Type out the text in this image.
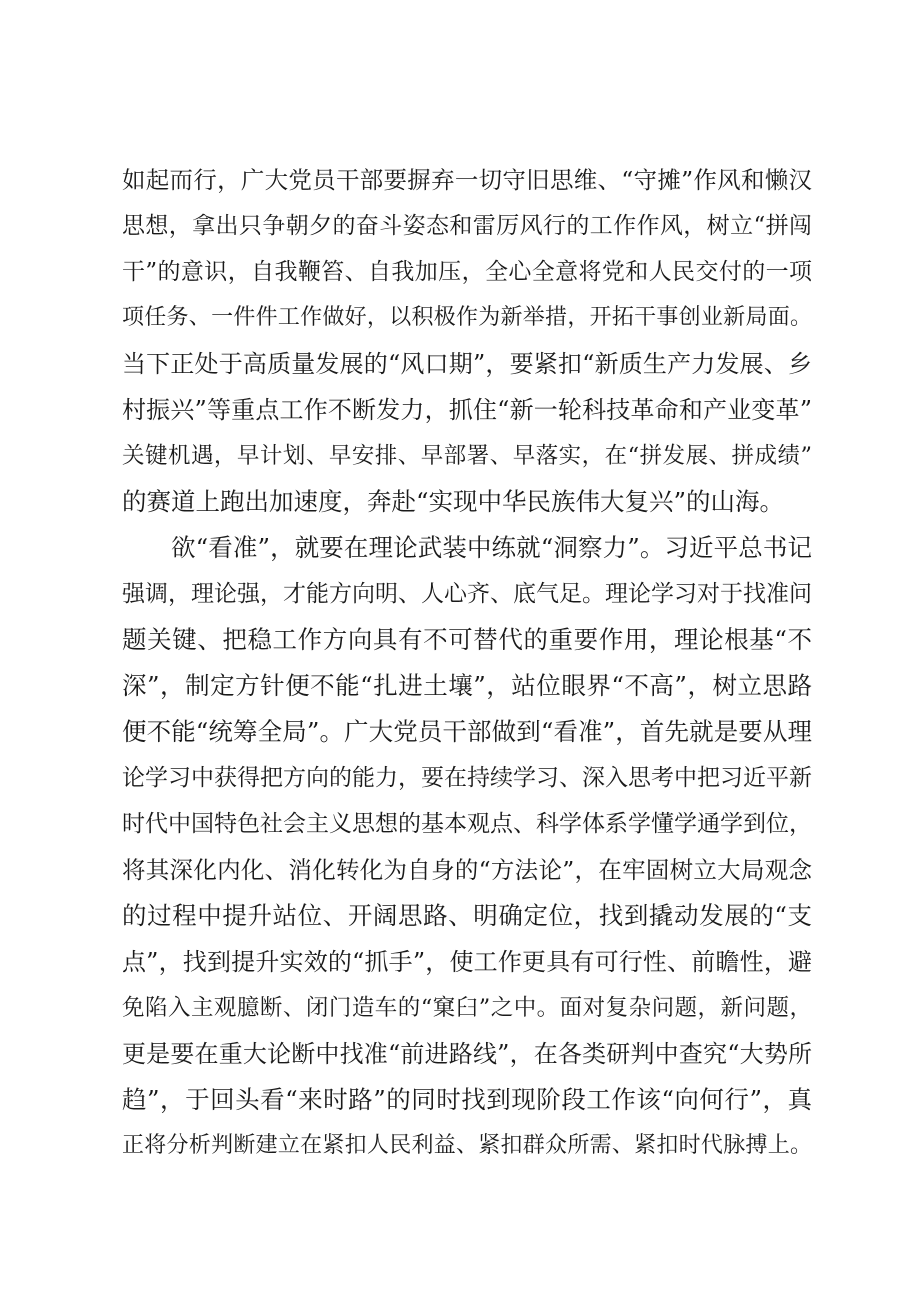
如起而行，广大党员干部要摒弃一切守旧思维、“守摊”作风和懒汉
思想，拿出只争朝夕的奋斗姿态和雷厉风行的工作作风，树立“拼闯
干”的意识，自我鞭笞、自我加压，全心全意将党和人民交付的一项
项任务、一件件工作做好，以积极作为新举措，开拓干事创业新局面。
当下正处于高质量发展的“风口期”，要紧扣“新质生产力发展、乡
村振兴”等重点工作不断发力，抓住“新一轮科技革命和产业变革”
关键机遇，早计划、早安排、早部署、早落实，在“拼发展、拼成绩”
的赛道上跑出加速度，奔赴“实现中华民族伟大复兴”的山海。
欲“看准”，就要在理论武装中练就“洞察力”。习近平总书记
强调，理论强，才能方向明、人心齐、底气足。理论学习对于找准问
题关键、把稳工作方向具有不可替代的重要作用，理论根基“不
深”，制定方针便不能“扎进土壤”，站位眼界“不高”，树立思路
便不能“统筹全局”。广大党员干部做到“看准”，首先就是要从理
论学习中获得把方向的能力，要在持续学习、深入思考中把习近平新
时代中国特色社会主义思想的基本观点、科学体系学懂学通学到位，
将其深化内化、消化转化为自身的“方法论”，在牢固树立大局观念
的过程中提升站位、开阔思路、明确定位，找到撬动发展的“支
点”，找到提升实效的“抓手”，使工作更具有可行性、前瞻性，避
免陷入主观臆断、闭门造车的“窠臼”之中。面对复杂问题，新问题，
更是要在重大论断中找准“前进路线”，在各类研判中查究“大势所
趋”，于回头看“来时路”的同时找到现阶段工作该“向何行”，真
正将分析判断建立在紧扣人民利益、紧扣群众所需、紧扣时代脉搏上。
